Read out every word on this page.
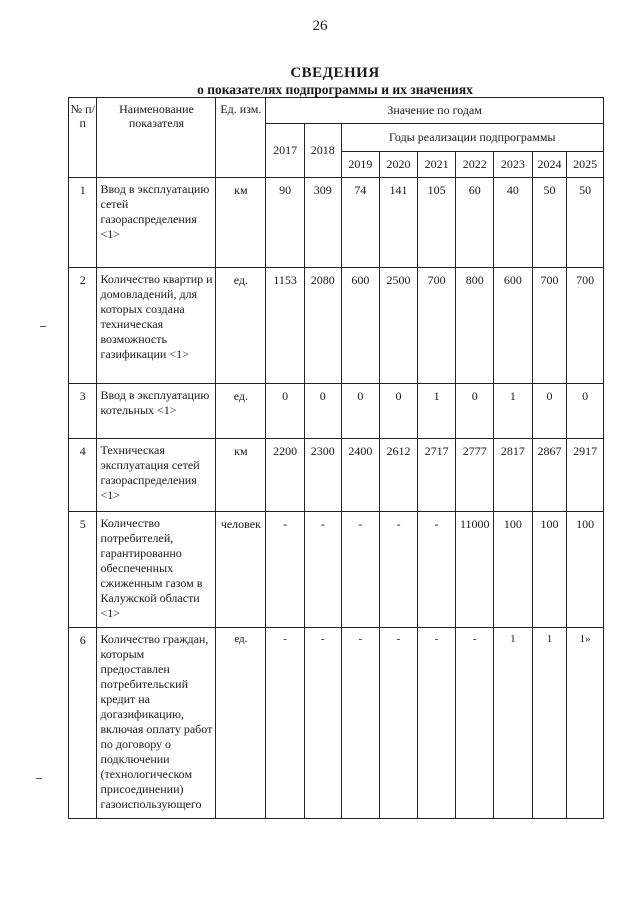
26
СВЕДЕНИЯ
о показателях подпрограммы и их значениях
№ п/п	Наименование показателя	Ед. изм.	Значение по годам								
			2017	2018	Годы реализации подпрограммы						
					2019	2020	2021	2022	2023	2024	2025
1	Ввод в эксплуатацию сетей газораспределения <1>	км	90	309	74	141	105	60	40	50	50
2	Количество квартир и домовладений, для которых создана техническая возможность газификации <1>	ед.	1153	2080	600	2500	700	800	600	700	700
3	Ввод в эксплуатацию котельных <1>	ед.	0	0	0	0	1	0	1	0	0
4	Техническая эксплуатация сетей газораспределения <1>	км	2200	2300	2400	2612	2717	2777	2817	2867	2917
5	Количество потребителей, гарантированно обеспеченных сжиженным газом в Калужской области <1>	человек	-	-	-	-	-	11000	100	100	100
6	Количество граждан, которым предоставлен потребительский кредит на догазификацию, включая оплату работ по договору о подключении (технологическом присоединении) газоиспользующего	ед.	-	-	-	-	-	-	1	1	1»
